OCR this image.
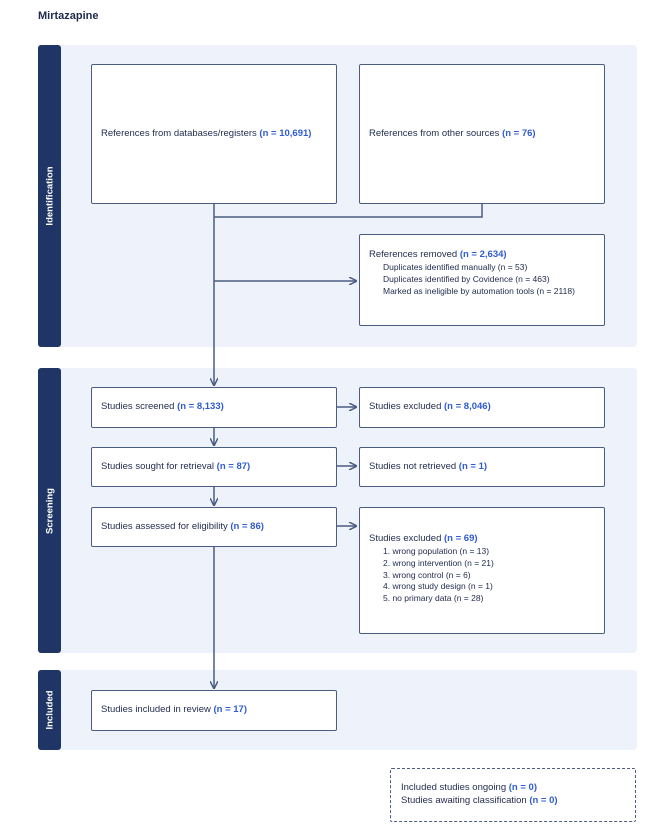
Mirtazapine
Identification
Screening
Included
References from databases/registers (n = 10,691)	References from other sources (n = 76)
References removed (n = 2,634)
Duplicates identified manually (n = 53)
Duplicates identified by Covidence (n = 463)
Marked as ineligible by automation tools (n = 2118)
Studies screened (n = 8,133)	Studies excluded (n = 8,046)
Studies sought for retrieval (n = 87)	Studies not retrieved (n = 1)
Studies assessed for eligibility (n = 86)
Studies excluded (n = 69)
1. wrong population (n = 13)
2. wrong intervention (n = 21)
3. wrong control (n = 6)
4. wrong study design (n = 1)
5. no primary data (n = 28)
Studies included in review (n = 17)
Included studies ongoing (n = 0)
Studies awaiting classification (n = 0)
